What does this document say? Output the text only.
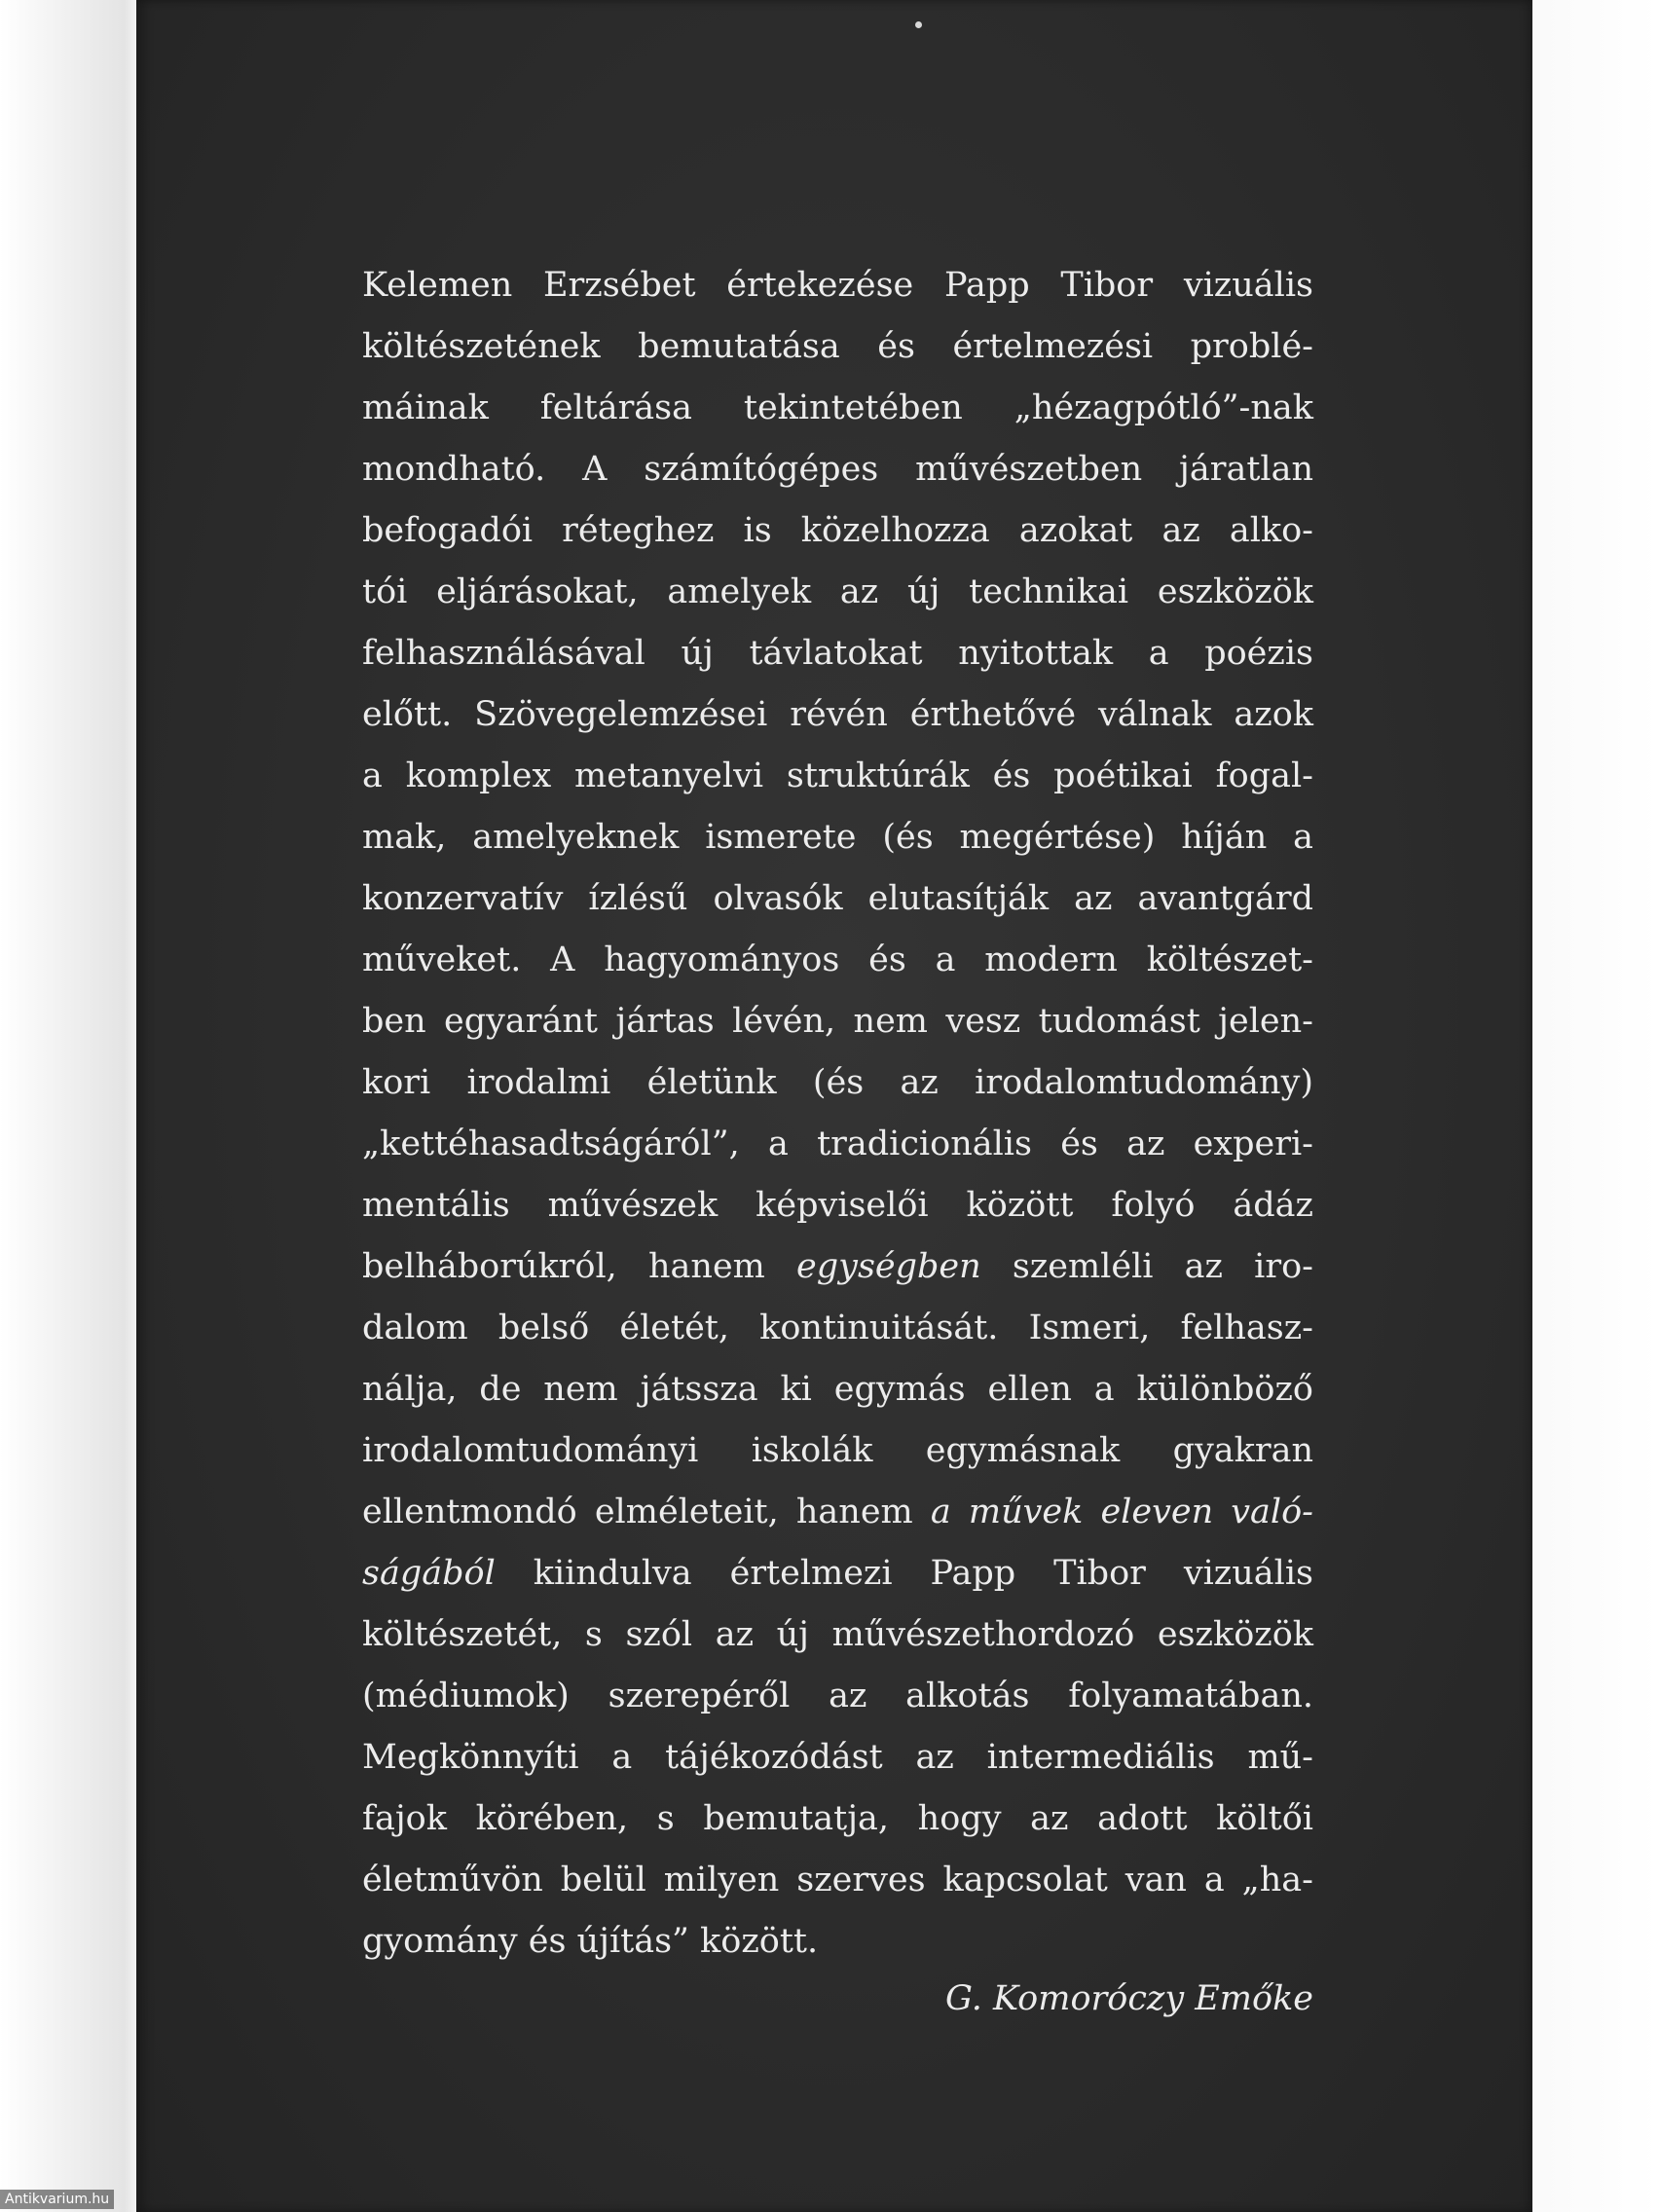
Kelemen Erzsébet értekezése Papp Tibor vizuális
költészetének bemutatása és értelmezési problé-
máinak feltárása tekintetében „hézagpótló”-nak
mondható. A számítógépes művészetben járatlan
befogadói réteghez is közelhozza azokat az alko-
tói eljárásokat, amelyek az új technikai eszközök
felhasználásával új távlatokat nyitottak a poézis
előtt. Szövegelemzései révén érthetővé válnak azok
a komplex metanyelvi struktúrák és poétikai fogal-
mak, amelyeknek ismerete (és megértése) híján a
konzervatív ízlésű olvasók elutasítják az avantgárd
műveket. A hagyományos és a modern költészet-
ben egyaránt jártas lévén, nem vesz tudomást jelen-
kori irodalmi életünk (és az irodalomtudomány)
„kettéhasadtságáról”, a tradicionális és az experi-
mentális művészek képviselői között folyó ádáz
belháborúkról, hanem egységben szemléli az iro-
dalom belső életét, kontinuitását. Ismeri, felhasz-
nálja, de nem játssza ki egymás ellen a különböző
irodalomtudományi iskolák egymásnak gyakran
ellentmondó elméleteit, hanem a művek eleven való-
ságából kiindulva értelmezi Papp Tibor vizuális
költészetét, s szól az új művészethordozó eszközök
(médiumok) szerepéről az alkotás folyamatában.
Megkönnyíti a tájékozódást az intermediális mű-
fajok körében, s bemutatja, hogy az adott költői
életművön belül milyen szerves kapcsolat van a „ha-
gyomány és újítás” között.
G. Komoróczy Emőke
Antikvarium.hu
